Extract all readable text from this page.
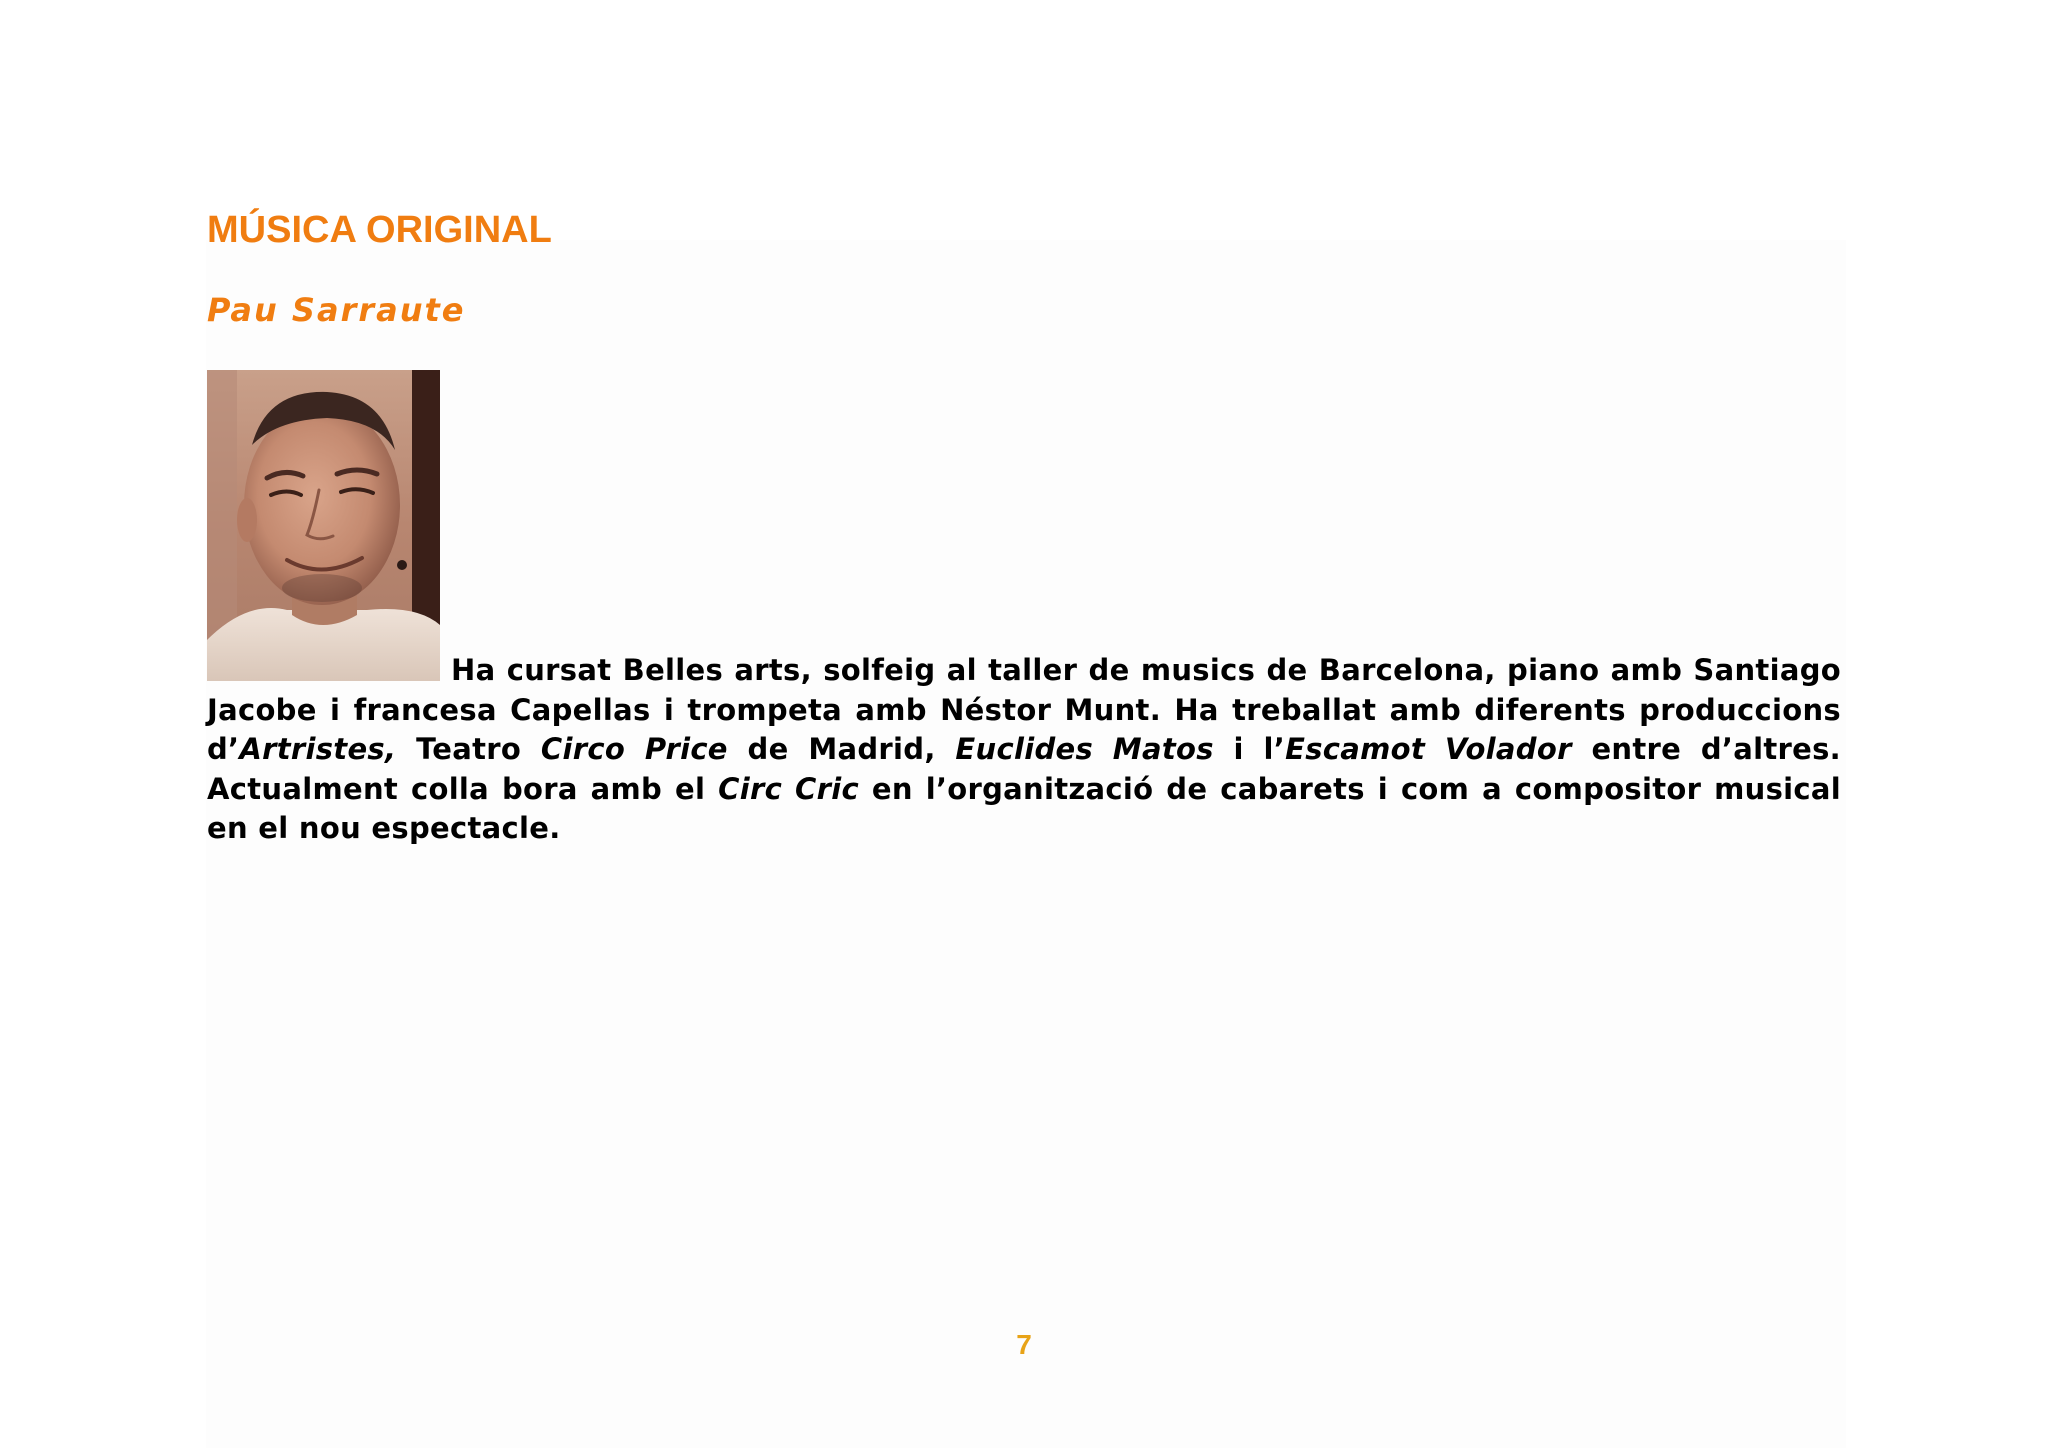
MÚSICA ORIGINAL
Pau Sarraute

Ha cursat Belles arts, solfeig al taller de musics de Barcelona, piano amb Santiago Jacobe i francesa Capellas i trompeta amb Néstor Munt. Ha treballat amb diferents produccions d’Artristes, Teatro Circo Price de Madrid, Euclides Matos i l’Escamot Volador entre d’altres. Actualment colla bora amb el Circ Cric en l’organització de cabarets i com a compositor musical en el nou espectacle.

7
